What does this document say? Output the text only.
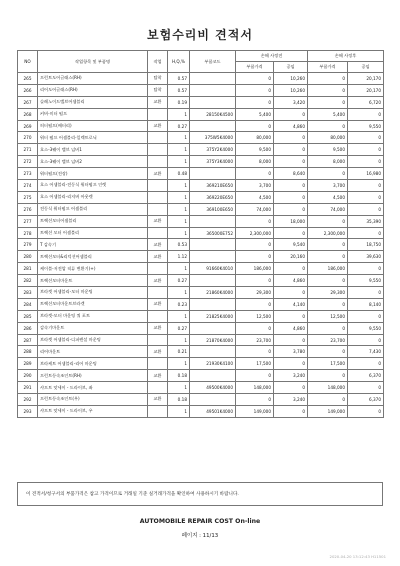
보험수리비 견적서
NO	작업항목 및 부품명	작업	H,Q,%	부품코드	손해 사정전		손해 사정후	
					부품가격	공임	부품가격	공임
265	프런트도어글래스(RH)	탈착	0.57		0	10,260	0	20,170
266	리어도어글래스(RH)	탈착	0.57		0	10,260	0	20,170
267	슬레노이드밸브어셈블리	교환	0.19		0	3,420	0	6,720
268	커버-미터 펌프		1	28150K4500	5,400	0	5,400	0
269	히터펌프(배터리)	교환	0.27		0	4,860	0	9,550
270	워터 펌프 어셈블리-일렉트로닉		1	375W5K4000	80,000	0	80,000	0
271	호스-3웨이 밸브 넘버1		1	375Y2K4000	9,500	0	9,500	0
272	호스-3웨이 밸브 넘버2		1	375Y3K4000	8,000	0	8,000	0
273	워터펌프(전장)	교환	0.48		0	8,640	0	16,980
274	호스 어셈블리-전동식 워터펌프 인렛		1	369210E650	3,700	0	3,700	0
275	호스 어셈블리-리저버 아웃렛		1	369220E650	4,500	0	4,500	0
276	전동식 워터펌프 어셈블리		1	369100E650	74,000	0	74,000	0
277	트랙션모터어셈블리	교환	1		0	18,000	0	35,390
278	트랙션 모터 어셈블리		1	365000E752	2,300,000	0	2,300,000	0
279	T 감속기	교환	0.53		0	9,540	0	18,750
280	트랙션모터&리덕션어셈블리	교환	1.12		0	20,160	0	39,630
281	케이블-저전압 직류 변환기(+)		1	91660K4010	186,000	0	186,000	0
282	트랙션모터마운트	교환	0.27		0	4,860	0	9,550
283	브라켓 어셈블리-모터 마운팅		1	21860K4000	29,300	0	29,300	0
284	트랙션모터마운트브라켓	교환	0.23		0	4,140	0	8,140
285	브라켓-모터 마운팅 쿼 포트		1	21825K4000	12,500	0	12,500	0
286	감속기마운트	교환	0.27		0	4,860	0	9,550
287	브라켓 어셈블리-디퍼렌셜 마운팅		1	21870K4000	23,700	0	23,700	0
288	리어마운트	교환	0.21		0	3,780	0	7,430
289	브라케트 어셈블리-리어 마운팅		1	21930K4100	17,500	0	17,500	0
290	프런트등속조인트(RH)	교환	0.18		0	3,240	0	6,370
291	샤프트 앗세이 - 드라이브, 좌		1	49500K4000	148,000	0	148,000	0
292	프런트등속조인트(우)	교환	0.18		0	3,240	0	6,370
293	샤프트 앗세이 - 드라이브, 우		1	49501K4000	149,000	0	149,000	0
이 견적서/청구서의 부품가격은 참고 가격이므로 거래일 기준 실거래가격을 확인하여 사용하시기 바랍니다.
AUTOMOBILE REPAIR COST On-line
페이지 : 11/13
2020-04-20 13:12:43 H11501
